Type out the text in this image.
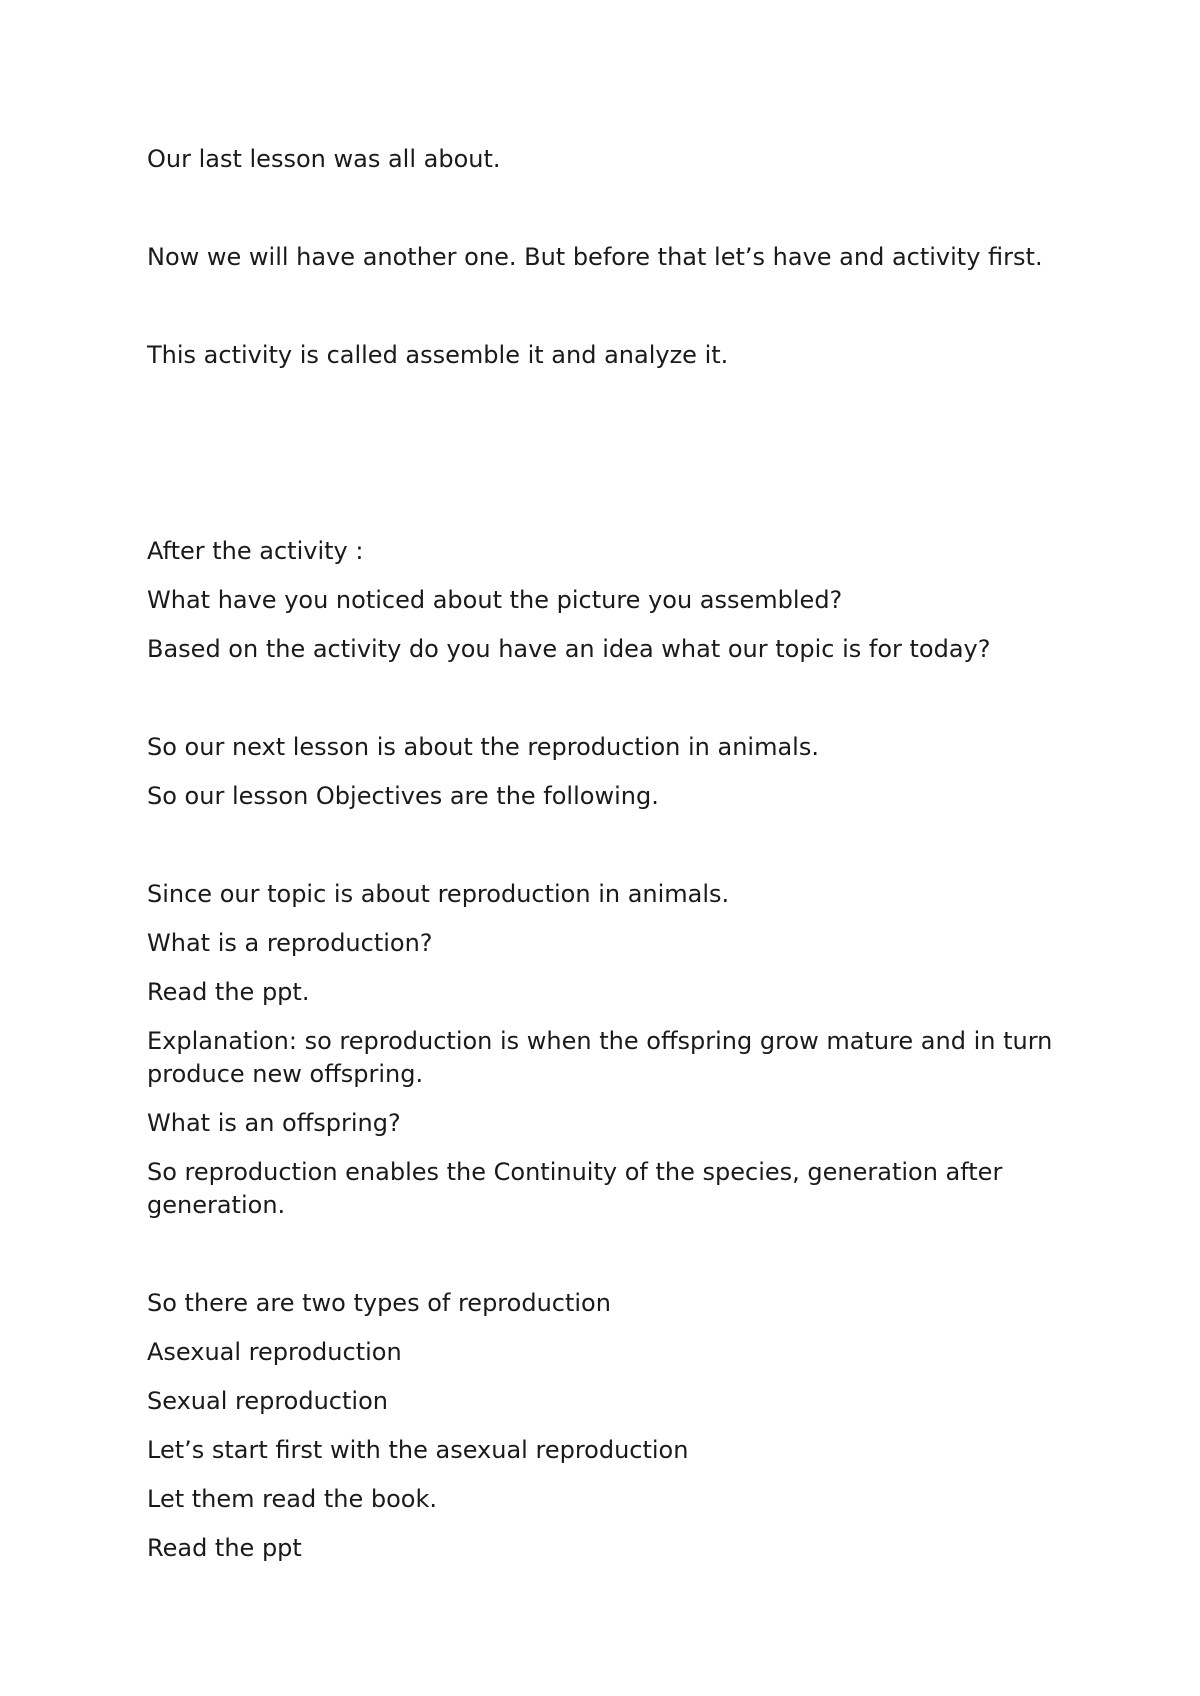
Our last lesson was all about.

Now we will have another one. But before that let’s have and activity first.

This activity is called assemble it and analyze it.

After the activity :

What have you noticed about the picture you assembled?

Based on the activity do you have an idea what our topic is for today?

So our next lesson is about the reproduction in animals.

So our lesson Objectives are the following.

Since our topic is about reproduction in animals.

What is a reproduction?

Read the ppt.

Explanation: so reproduction is when the offspring grow mature and in turn produce new offspring.

What is an offspring?

So reproduction enables the Continuity of the species, generation after generation.

So there are two types of reproduction

Asexual reproduction

Sexual reproduction

Let’s start first with the asexual reproduction

Let them read the book.

Read the ppt
